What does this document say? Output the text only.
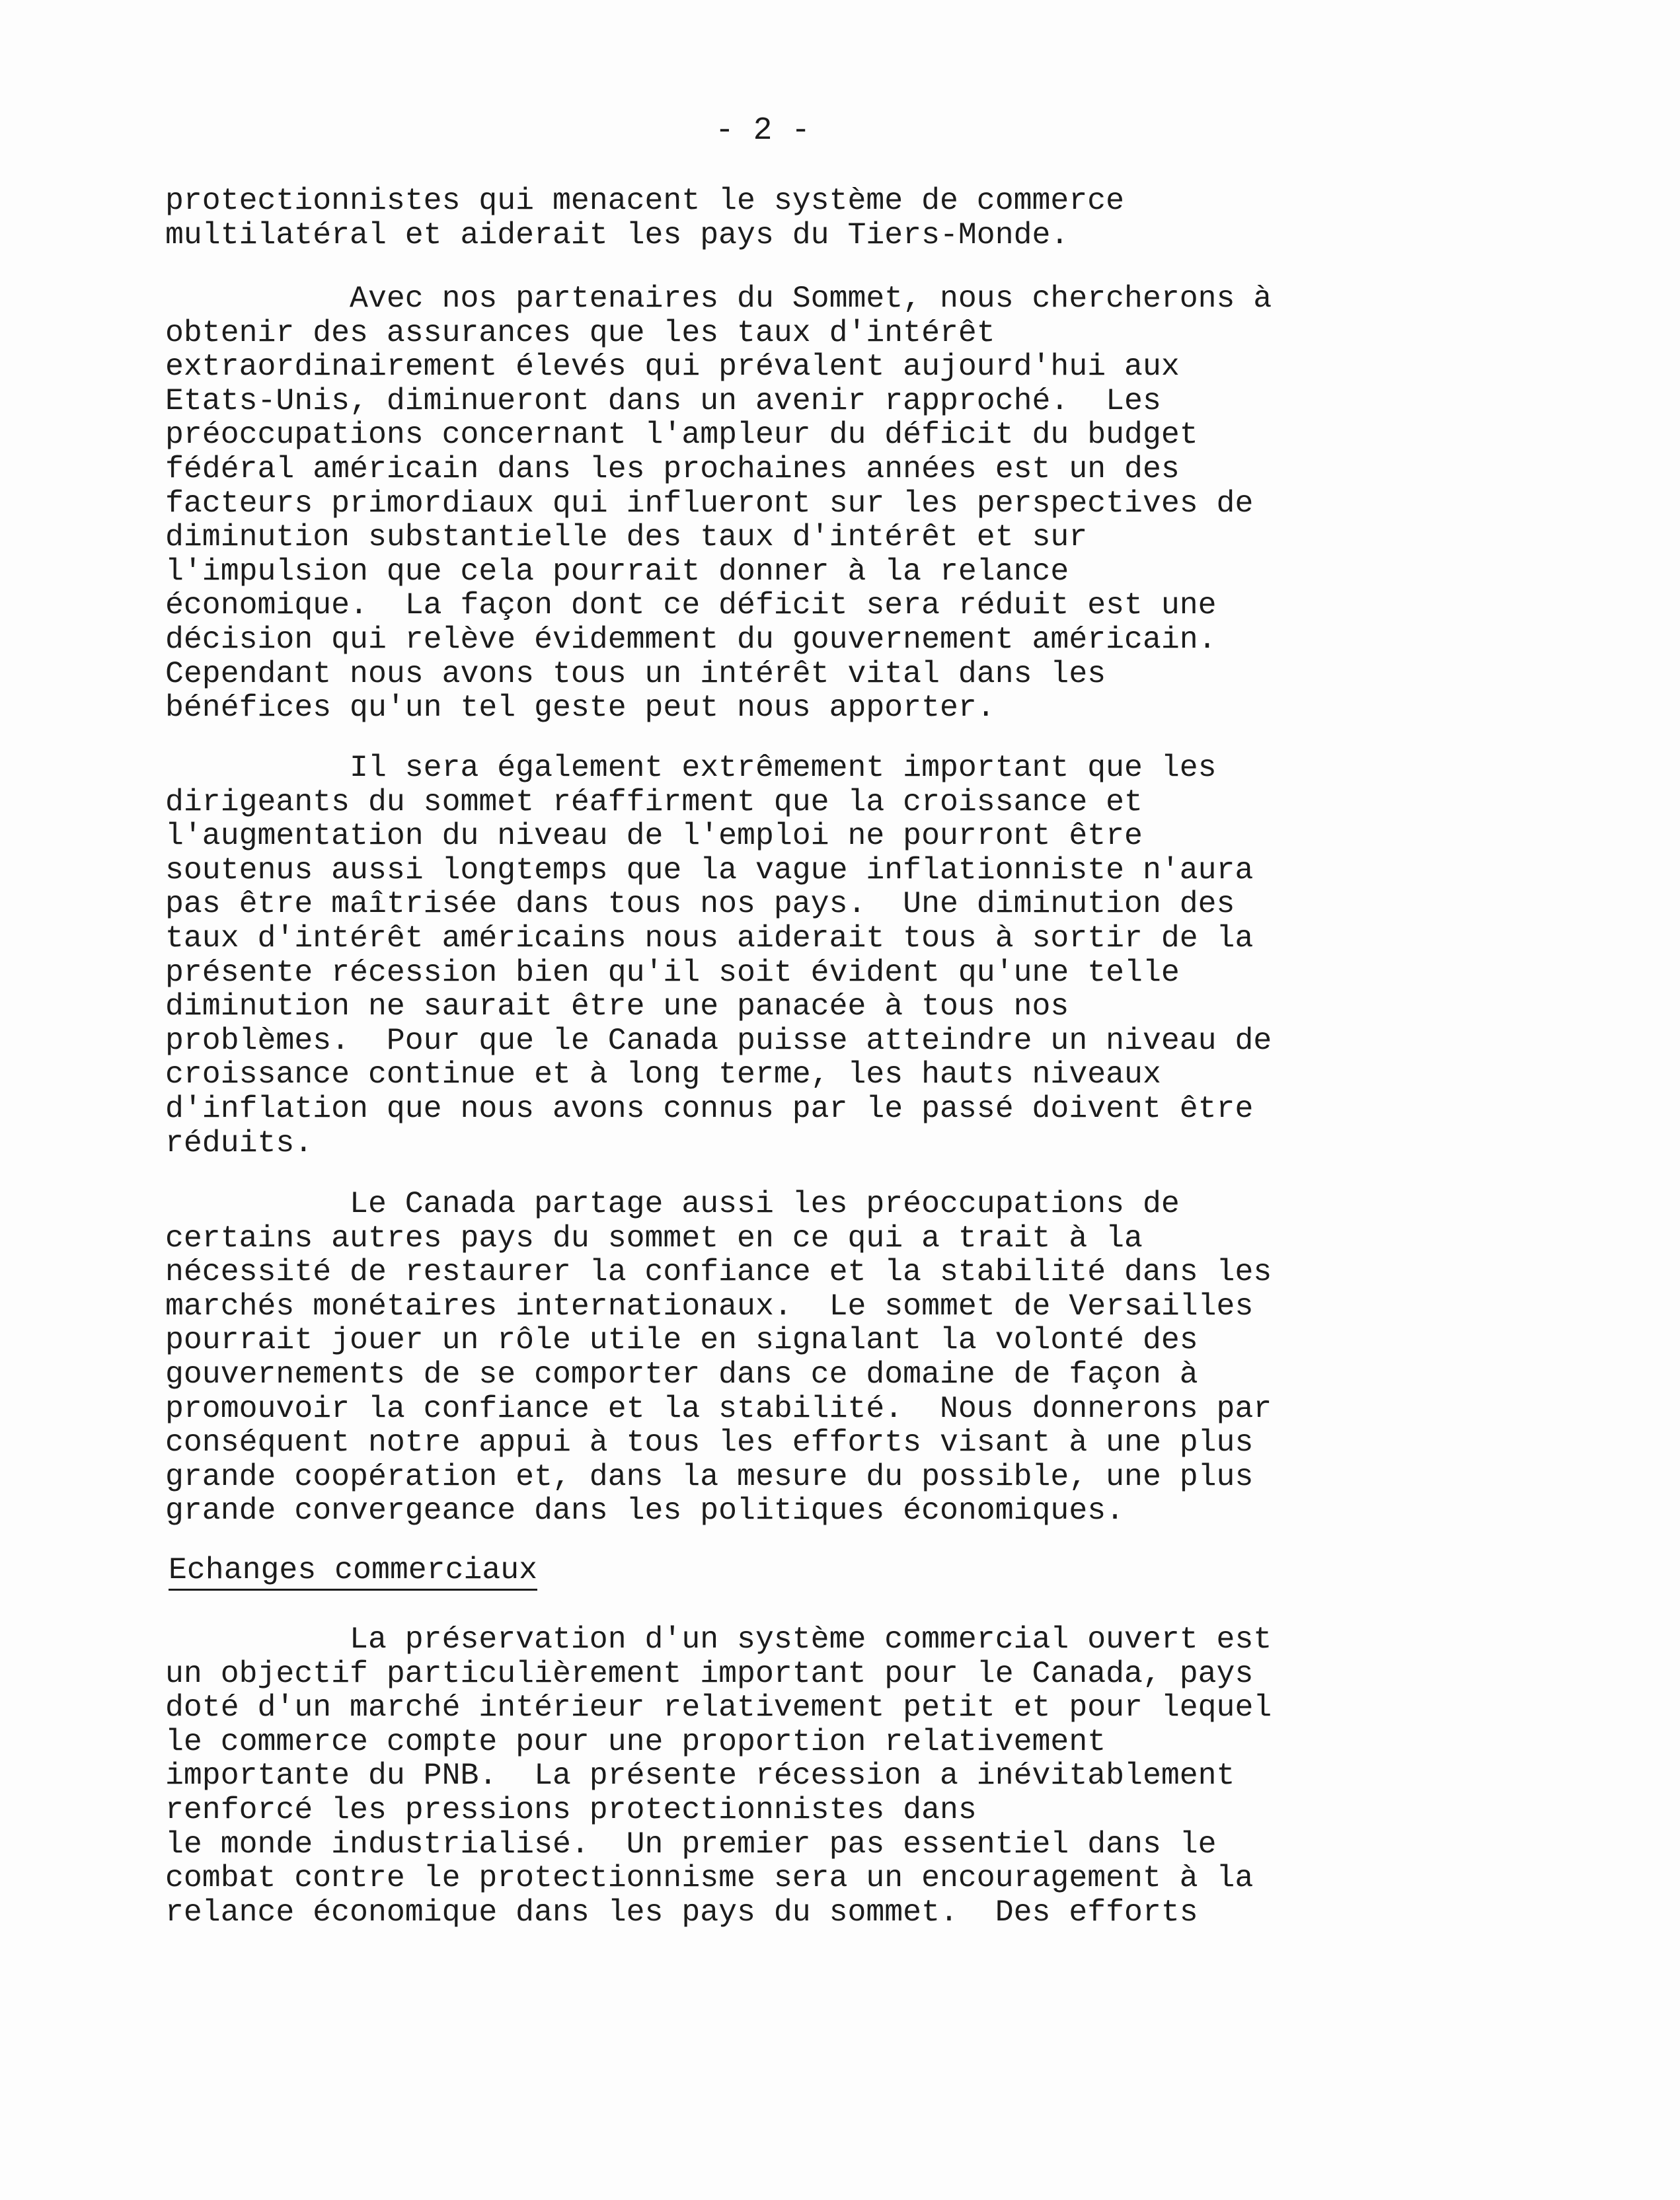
- 2 -
protectionnistes qui menacent le système de commerce
multilatéral et aiderait les pays du Tiers-Monde.
Avec nos partenaires du Sommet, nous chercherons à
obtenir des assurances que les taux d'intérêt
extraordinairement élevés qui prévalent aujourd'hui aux
Etats-Unis, diminueront dans un avenir rapproché.  Les
préoccupations concernant l'ampleur du déficit du budget
fédéral américain dans les prochaines années est un des
facteurs primordiaux qui influeront sur les perspectives de
diminution substantielle des taux d'intérêt et sur
l'impulsion que cela pourrait donner à la relance
économique.  La façon dont ce déficit sera réduit est une
décision qui relève évidemment du gouvernement américain.
Cependant nous avons tous un intérêt vital dans les
bénéfices qu'un tel geste peut nous apporter.
Il sera également extrêmement important que les
dirigeants du sommet réaffirment que la croissance et
l'augmentation du niveau de l'emploi ne pourront être
soutenus aussi longtemps que la vague inflationniste n'aura
pas être maîtrisée dans tous nos pays.  Une diminution des
taux d'intérêt américains nous aiderait tous à sortir de la
présente récession bien qu'il soit évident qu'une telle
diminution ne saurait être une panacée à tous nos
problèmes.  Pour que le Canada puisse atteindre un niveau de
croissance continue et à long terme, les hauts niveaux
d'inflation que nous avons connus par le passé doivent être
réduits.
Le Canada partage aussi les préoccupations de
certains autres pays du sommet en ce qui a trait à la
nécessité de restaurer la confiance et la stabilité dans les
marchés monétaires internationaux.  Le sommet de Versailles
pourrait jouer un rôle utile en signalant la volonté des
gouvernements de se comporter dans ce domaine de façon à
promouvoir la confiance et la stabilité.  Nous donnerons par
conséquent notre appui à tous les efforts visant à une plus
grande coopération et, dans la mesure du possible, une plus
grande convergeance dans les politiques économiques.
Echanges commerciaux
La préservation d'un système commercial ouvert est
un objectif particulièrement important pour le Canada, pays
doté d'un marché intérieur relativement petit et pour lequel
le commerce compte pour une proportion relativement
importante du PNB.  La présente récession a inévitablement
renforcé les pressions protectionnistes dans
le monde industrialisé.  Un premier pas essentiel dans le
combat contre le protectionnisme sera un encouragement à la
relance économique dans les pays du sommet.  Des efforts
